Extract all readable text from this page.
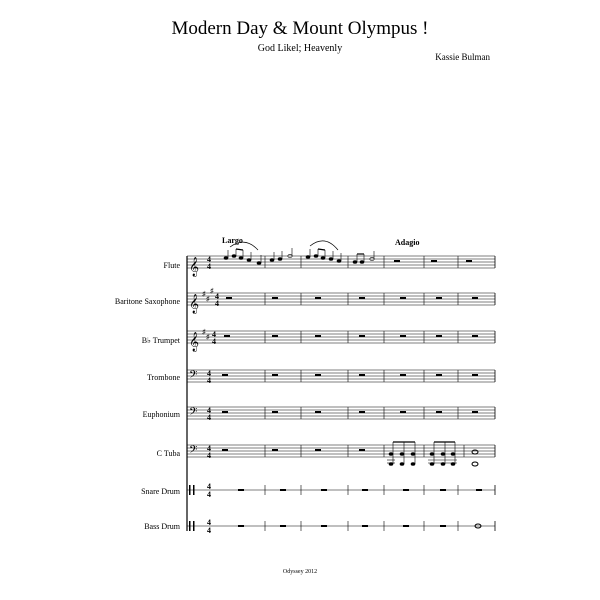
Modern Day & Mount Olympus !
God Likel; Heavenly
Kassie Bulman
Largo	Adagio
Flute
Baritone Saxophone
B♭ Trumpet
Trombone
Euphonium
C Tuba
Snare Drum
Bass Drum
𝄞 4
4
𝄞 ♯
♯
♯
4
4
𝄞 ♯
♯ 4
4
𝄢 4
4
𝄢 4
4
𝄢 4
4
4
4
4
4
Odyssey 2012
